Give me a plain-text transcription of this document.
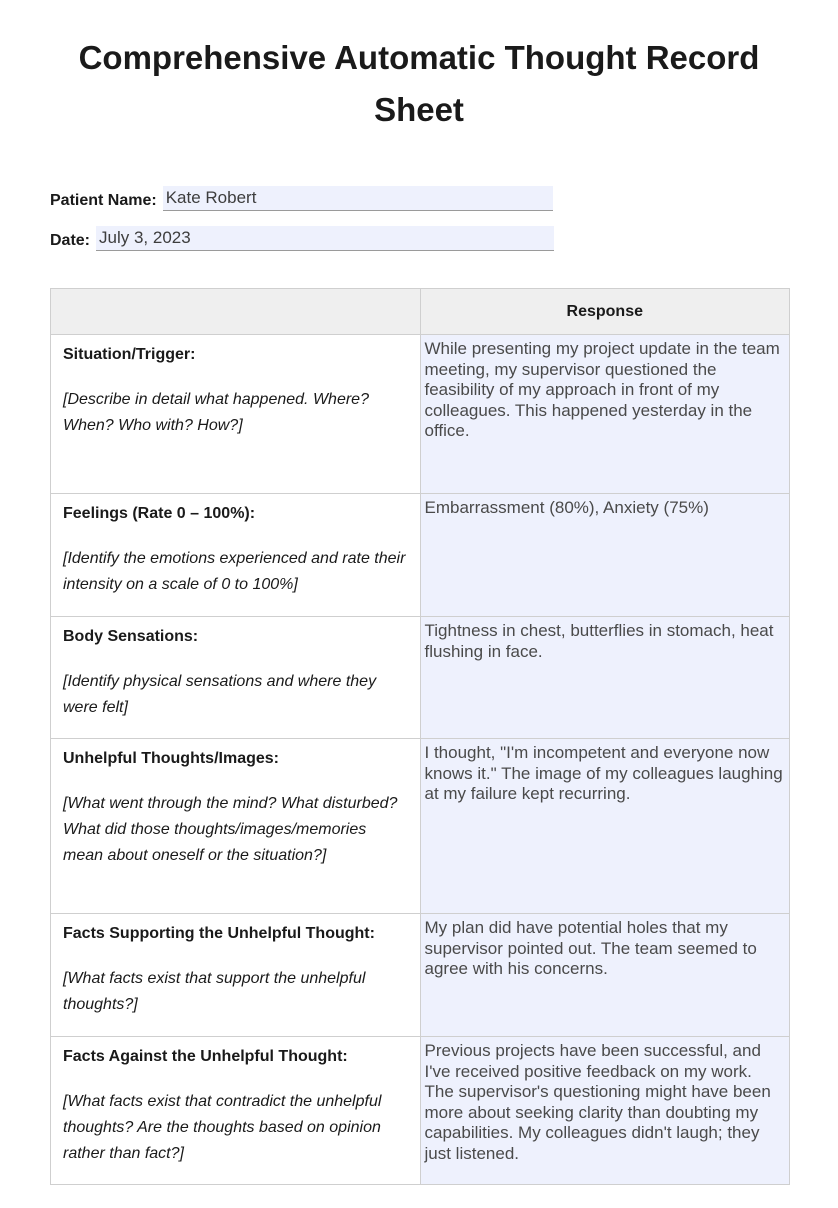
Comprehensive Automatic Thought Record Sheet
Patient Name: Kate Robert
Date: July 3, 2023
	Response

Situation/Trigger:

[Describe in detail what happened. Where? When? Who with? How?]	While presenting my project update in the team meeting, my supervisor questioned the feasibility of my approach in front of my colleagues. This happened yesterday in the office.

Feelings (Rate 0 – 100%):

[Identify the emotions experienced and rate their intensity on a scale of 0 to 100%]	Embarrassment (80%), Anxiety (75%)

Body Sensations:

[Identify physical sensations and where they were felt]	Tightness in chest, butterflies in stomach, heat flushing in face.

Unhelpful Thoughts/Images:

[What went through the mind? What disturbed? What did those thoughts/images/memories mean about oneself or the situation?]	I thought, "I'm incompetent and everyone now knows it." The image of my colleagues laughing at my failure kept recurring.

Facts Supporting the Unhelpful Thought:

[What facts exist that support the unhelpful thoughts?]	My plan did have potential holes that my supervisor pointed out. The team seemed to agree with his concerns.

Facts Against the Unhelpful Thought:

[What facts exist that contradict the unhelpful thoughts? Are the thoughts based on opinion rather than fact?]	Previous projects have been successful, and I've received positive feedback on my work. The supervisor's questioning might have been more about seeking clarity than doubting my capabilities. My colleagues didn't laugh; they just listened.
